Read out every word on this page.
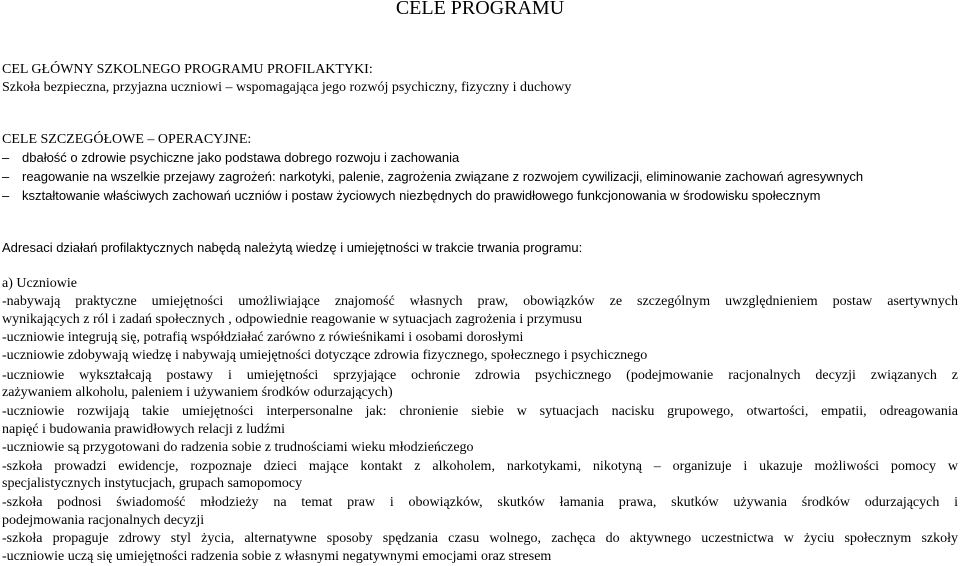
CELE PROGRAMU
CEL GŁÓWNY SZKOLNEGO PROGRAMU PROFILAKTYKI:
Szkoła bezpieczna, przyjazna uczniowi – wspomagająca jego rozwój psychiczny, fizyczny i duchowy
CELE SZCZEGÓŁOWE – OPERACYJNE:
– dbałość o zdrowie psychiczne jako podstawa dobrego rozwoju i zachowania
– reagowanie na wszelkie przejawy zagrożeń: narkotyki, palenie, zagrożenia związane z rozwojem cywilizacji, eliminowanie zachowań agresywnych
– kształtowanie właściwych zachowań uczniów i postaw życiowych niezbędnych do prawidłowego funkcjonowania w środowisku społecznym
Adresaci działań profilaktycznych nabędą należytą wiedzę i umiejętności w trakcie trwania programu:
a) Uczniowie
-nabywają praktyczne umiejętności umożliwiające znajomość własnych praw, obowiązków ze szczególnym uwzględnieniem postaw asertywnych
wynikających z ról i zadań społecznych , odpowiednie reagowanie w sytuacjach zagrożenia i przymusu
-uczniowie integrują się, potrafią współdziałać zarówno z rówieśnikami i osobami dorosłymi
-uczniowie zdobywają wiedzę i nabywają umiejętności dotyczące zdrowia fizycznego, społecznego i psychicznego
-uczniowie wykształcają postawy i umiejętności sprzyjające ochronie zdrowia psychicznego (podejmowanie racjonalnych decyzji związanych z
zażywaniem alkoholu, paleniem i używaniem środków odurzających)
-uczniowie rozwijają takie umiejętności interpersonalne jak: chronienie siebie w sytuacjach nacisku grupowego, otwartości, empatii, odreagowania
napięć i budowania prawidłowych relacji z ludźmi
-uczniowie są przygotowani do radzenia sobie z trudnościami wieku młodzieńczego
-szkoła prowadzi ewidencje, rozpoznaje dzieci mające kontakt z alkoholem, narkotykami, nikotyną – organizuje i ukazuje możliwości pomocy w
specjalistycznych instytucjach, grupach samopomocy
-szkoła podnosi świadomość młodzieży na temat praw i obowiązków, skutków łamania prawa, skutków używania środków odurzających i
podejmowania racjonalnych decyzji
-szkoła propaguje zdrowy styl życia, alternatywne sposoby spędzania czasu wolnego, zachęca do aktywnego uczestnictwa w życiu społecznym szkoły
-uczniowie uczą się umiejętności radzenia sobie z własnymi negatywnymi emocjami oraz stresem
